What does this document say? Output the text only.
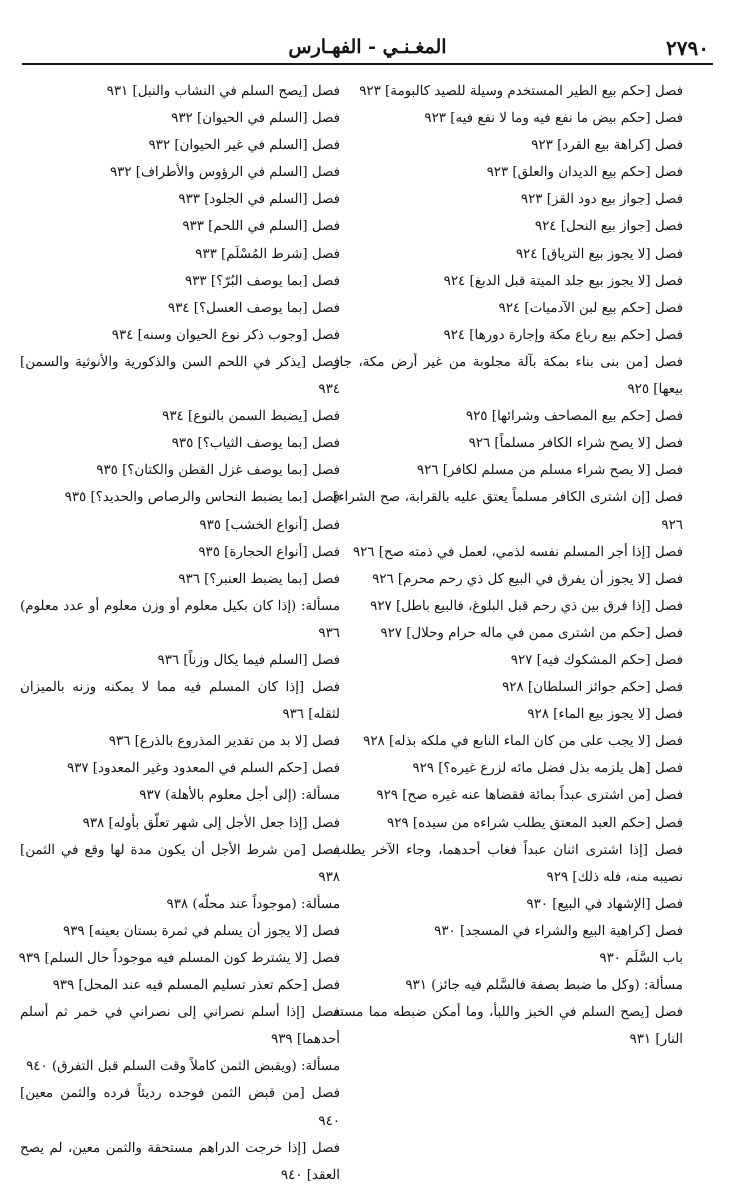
٢٧٩٠
المغـنـي - الفهـارس
فصل [حكم بيع الطير المستخدم وسيلة للصيد كالبومة] ٩٢٣
فصل [حكم بيض ما نفع فيه وما لا نفع فيه] ٩٢٣
فصل [كراهة بيع القرد] ٩٢٣
فصل [حكم بيع الديدان والعلق] ٩٢٣
فصل [جواز بيع دود القز] ٩٢٣
فصل [جواز بيع النحل] ٩٢٤
فصل [لا يجوز بيع الترياق] ٩٢٤
فصل [لا يجوز بيع جلد الميتة قبل الدبغ] ٩٢٤
فصل [حكم بيع لبن الآدميات] ٩٢٤
فصل [حكم بيع رباع مكة وإجارة دورها] ٩٢٤
فصل [من بنى بناء بمكة بآلة مجلوبة من غير أرض مكة، جاز بيعها] ٩٢٥
فصل [حكم بيع المصاحف وشرائها] ٩٢٥
فصل [لا يصح شراء الكافر مسلماً] ٩٢٦
فصل [لا يصح شراء مسلم من مسلم لكافر] ٩٢٦
فصل [إن اشترى الكافر مسلماً يعتق عليه بالقرابة، صح الشراء] ٩٢٦
فصل [إذا أجر المسلم نفسه لذمي، لعمل في ذمته صح] ٩٢٦
فصل [لا يجوز أن يفرق في البيع كل ذي رحم محرم] ٩٢٦
فصل [إذا فرق بين ذي رحم قبل البلوغ، فالبيع باطل] ٩٢٧
فصل [حكم من اشترى ممن في ماله حرام وحلال] ٩٢٧
فصل [حكم المشكوك فيه] ٩٢٧
فصل [حكم جوائز السلطان] ٩٢٨
فصل [لا يجوز بيع الماء] ٩٢٨
فصل [لا يجب على من كان الماء النابع في ملكه بذله] ٩٢٨
فصل [هل يلزمه بذل فضل مائه لزرع غيره؟] ٩٢٩
فصل [من اشترى عبداً بمائة فقضاها عنه غيره صح] ٩٢٩
فصل [حكم العبد المعتق يطلب شراءه من سيده] ٩٢٩
فصل [إذا اشترى اثنان عبداً فغاب أحدهما، وجاء الآخر يطلب نصيبه منه، فله ذلك] ٩٢٩
فصل [الإشهاد في البيع] ٩٣٠
فصل [كراهية البيع والشراء في المسجد] ٩٣٠
باب السَّلَم ٩٣٠
مسألة: (وكل ما ضبط بصفة فالسَّلم فيه جائز) ٩٣١
فصل [يصح السلم في الخبز واللبأ، وما أمكن ضبطه مما مسته النار] ٩٣١
فصل [يصح السلم في النشاب والنبل] ٩٣١
فصل [السلم في الحيوان] ٩٣٢
فصل [السلم في غير الحيوان] ٩٣٢
فصل [السلم في الرؤوس والأطراف] ٩٣٢
فصل [السلم في الجلود] ٩٣٣
فصل [السلم في اللحم] ٩٣٣
فصل [شرط المُسْلَم] ٩٣٣
فصل [بما يوصف البُرّ؟] ٩٣٣
فصل [بما يوصف العسل؟] ٩٣٤
فصل [وجوب ذكر نوع الحيوان وسنه] ٩٣٤
فصل [يذكر في اللحم السن والذكورية والأنوثية والسمن] ٩٣٤
فصل [يضبط السمن بالنوع] ٩٣٤
فصل [بما يوصف الثياب؟] ٩٣٥
فصل [بما يوصف غزل القطن والكتان؟] ٩٣٥
فصل [بما يضبط النحاس والرصاص والحديد؟] ٩٣٥
فصل [أنواع الخشب] ٩٣٥
فصل [أنواع الحجارة] ٩٣٥
فصل [بما يضبط العنبر؟] ٩٣٦
مسألة: (إذا كان بكيل معلوم أو وزن معلوم أو عدد معلوم) ٩٣٦
فصل [السلم فيما يكال وزناً] ٩٣٦
فصل [إذا كان المسلم فيه مما لا يمكنه وزنه بالميزان لثقله] ٩٣٦
فصل [لا بد من تقدير المذروع بالذرع] ٩٣٦
فصل [حكم السلم في المعدود وغير المعدود] ٩٣٧
مسألة: (إلى أجل معلوم بالأهلة) ٩٣٧
فصل [إذا جعل الأجل إلى شهر تعلّق بأوله] ٩٣٨
فصل [من شرط الأجل أن يكون مدة لها وقع في الثمن] ٩٣٨
مسألة: (موجوداً عند محلّه) ٩٣٨
فصل [لا يجوز أن يسلم في ثمرة بستان بعينه] ٩٣٩
فصل [لا يشترط كون المسلم فيه موجوداً حال السلم] ٩٣٩
فصل [حكم تعذر تسليم المسلم فيه عند المحل] ٩٣٩
فصل [إذا أسلم نصراني إلى نصراني في خمر ثم أسلم أحدهما] ٩٣٩
مسألة: (ويقبض الثمن كاملاً وقت السلم قبل التفرق) ٩٤٠
فصل [من قبض الثمن فوجده رديئاً فرده والثمن معين] ٩٤٠
فصل [إذا خرجت الدراهم مستحقة والثمن معين، لم يصح العقد] ٩٤٠
